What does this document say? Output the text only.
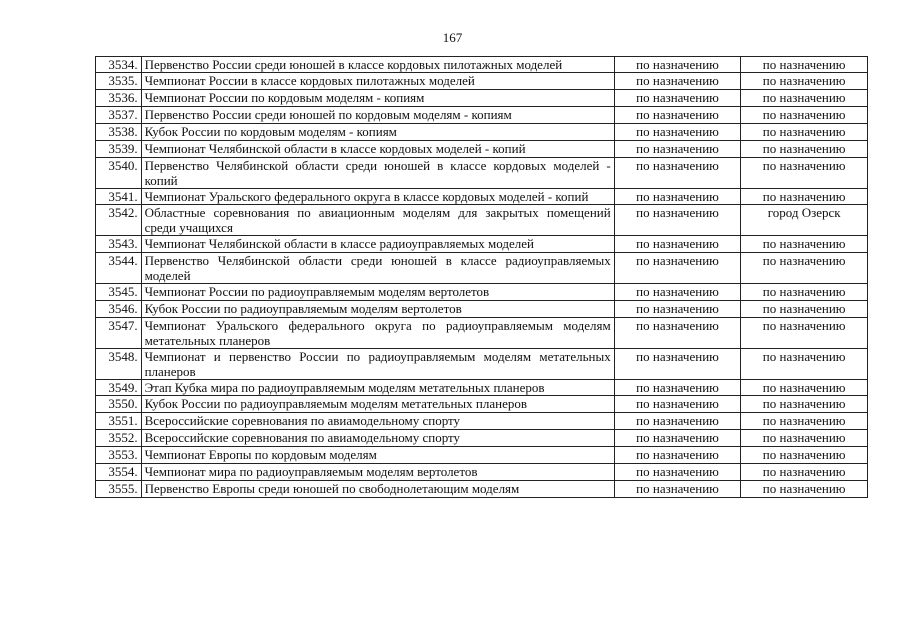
167
3534.	Первенство России среди юношей в классе кордовых пилотажных моделей	по назначению	по назначению
3535.	Чемпионат России в классе кордовых пилотажных моделей	по назначению	по назначению
3536.	Чемпионат России по кордовым моделям - копиям	по назначению	по назначению
3537.	Первенство России среди юношей по кордовым моделям - копиям	по назначению	по назначению
3538.	Кубок России по кордовым моделям - копиям	по назначению	по назначению
3539.	Чемпионат Челябинской области в классе кордовых моделей - копий	по назначению	по назначению
3540.	Первенство Челябинской области среди юношей в классе кордовых моделей - копий	по назначению	по назначению
3541.	Чемпионат Уральского федерального округа в классе кордовых моделей - копий	по назначению	по назначению
3542.	Областные соревнования по авиационным моделям для закрытых помещений среди учащихся	по назначению	город Озерск
3543.	Чемпионат Челябинской области в классе радиоуправляемых моделей	по назначению	по назначению
3544.	Первенство Челябинской области среди юношей в классе радиоуправляемых моделей	по назначению	по назначению
3545.	Чемпионат России по радиоуправляемым моделям вертолетов	по назначению	по назначению
3546.	Кубок России по радиоуправляемым моделям вертолетов	по назначению	по назначению
3547.	Чемпионат Уральского федерального округа по радиоуправляемым моделям метательных планеров	по назначению	по назначению
3548.	Чемпионат и первенство России по радиоуправляемым моделям метательных планеров	по назначению	по назначению
3549.	Этап Кубка мира по радиоуправляемым моделям метательных планеров	по назначению	по назначению
3550.	Кубок России по радиоуправляемым моделям метательных планеров	по назначению	по назначению
3551.	Всероссийские соревнования по авиамодельному спорту	по назначению	по назначению
3552.	Всероссийские соревнования по авиамодельному спорту	по назначению	по назначению
3553.	Чемпионат Европы по кордовым моделям	по назначению	по назначению
3554.	Чемпионат мира по радиоуправляемым моделям вертолетов	по назначению	по назначению
3555.	Первенство Европы среди юношей по свободнолетающим моделям	по назначению	по назначению
